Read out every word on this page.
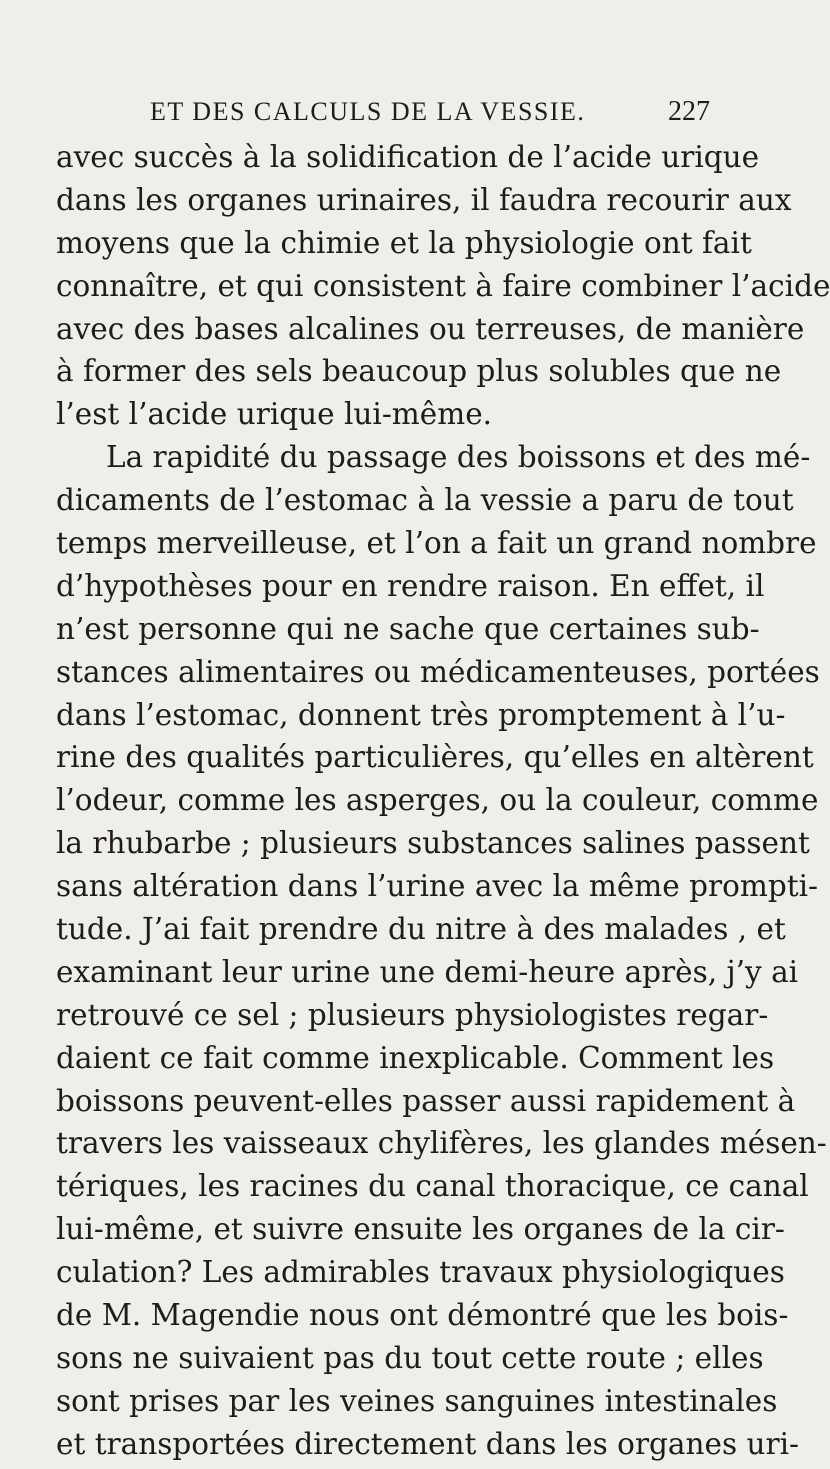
ET DES CALCULS DE LA VESSIE.	227
avec succès à la solidification de l’acide urique
dans les organes urinaires, il faudra recourir aux
moyens que la chimie et la physiologie ont fait
connaître, et qui consistent à faire combiner l’acide
avec des bases alcalines ou terreuses, de manière
à former des sels beaucoup plus solubles que ne
l’est l’acide urique lui-même.
La rapidité du passage des boissons et des mé-
dicaments de l’estomac à la vessie a paru de tout
temps merveilleuse, et l’on a fait un grand nombre
d’hypothèses pour en rendre raison. En effet, il
n’est personne qui ne sache que certaines sub-
stances alimentaires ou médicamenteuses, portées
dans l’estomac, donnent très promptement à l’u-
rine des qualités particulières, qu’elles en altèrent
l’odeur, comme les asperges, ou la couleur, comme
la rhubarbe ; plusieurs substances salines passent
sans altération dans l’urine avec la même prompti-
tude. J’ai fait prendre du nitre à des malades , et
examinant leur urine une demi-heure après, j’y ai
retrouvé ce sel ; plusieurs physiologistes regar-
daient ce fait comme inexplicable. Comment les
boissons peuvent-elles passer aussi rapidement à
travers les vaisseaux chylifères, les glandes mésen-
tériques, les racines du canal thoracique, ce canal
lui-même, et suivre ensuite les organes de la cir-
culation? Les admirables travaux physiologiques
de M. Magendie nous ont démontré que les bois-
sons ne suivaient pas du tout cette route ; elles
sont prises par les veines sanguines intestinales
et transportées directement dans les organes uri-
